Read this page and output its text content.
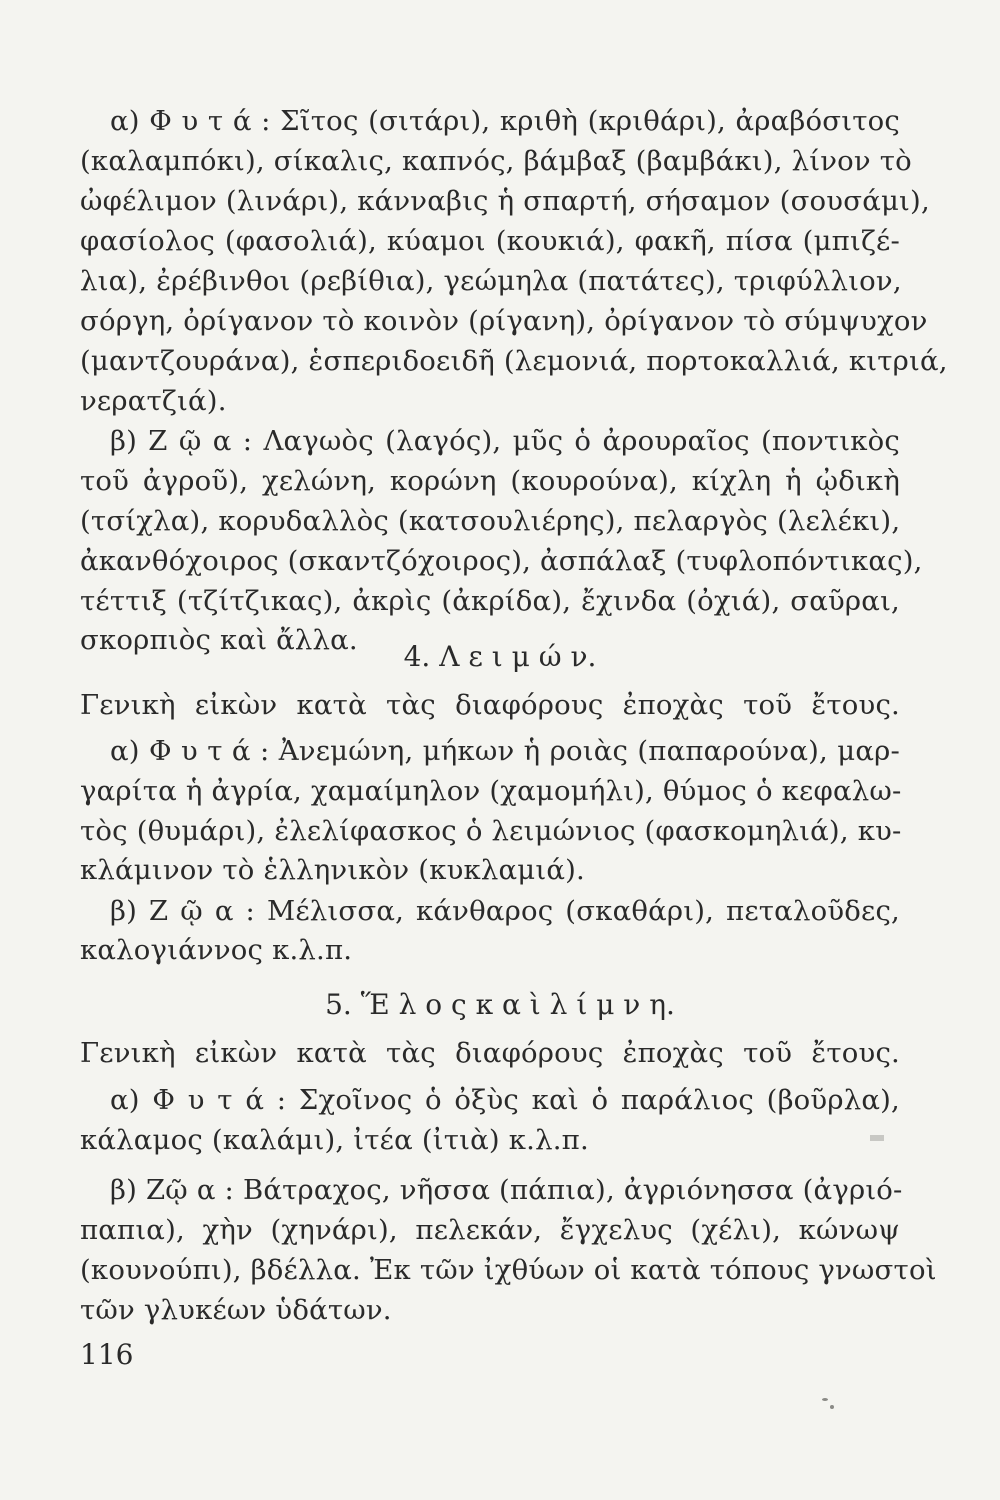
α) Φ υ τ ά : Σῖτος (σιτάρι), κριθὴ (κριθάρι), ἀραβόσιτος
(καλαμπόκι), σίκαλις, καπνός, βάμβαξ (βαμβάκι), λίνον τὸ
ὠφέλιμον (λινάρι), κάνναβις ἡ σπαρτή, σήσαμον (σουσάμι),
φασίολος (φασολιά), κύαμοι (κουκιά), φακῆ, πίσα (μπιζέ-
λια), ἐρέβινθοι (ρεβίθια), γεώμηλα (πατάτες), τριφύλλιον,
σόργη, ὀρίγανον τὸ κοινὸν (ρίγανη), ὀρίγανον τὸ σύμψυχον
(μαντζουράνα), ἑσπεριδοειδῆ (λεμονιά, πορτοκαλλιά, κιτριά,
νερατζιά).
β) Ζ ῷ α : Λαγωὸς (λαγός), μῦς ὁ ἀρουραῖος (ποντικὸς
τοῦ ἀγροῦ), χελώνη, κορώνη (κουρούνα), κίχλη ἡ ᾠδικὴ
(τσίχλα), κορυδαλλὸς (κατσουλιέρης), πελαργὸς (λελέκι),
ἀκανθόχοιρος (σκαντζόχοιρος), ἀσπάλαξ (τυφλοπόντικας),
τέττιξ (τζίτζικας), ἀκρὶς (ἀκρίδα), ἔχινδα (ὀχιά), σαῦραι,
σκορπιὸς καὶ ἄλλα.	4. Λ ε ι μ ώ ν.
Γενικὴ εἰκὼν κατὰ τὰς διαφόρους ἐποχὰς τοῦ ἔτους.
α) Φ υ τ ά : Ἀνεμώνη, μήκων ἡ ροιὰς (παπαρούνα), μαρ-
γαρίτα ἡ ἀγρία, χαμαίμηλον (χαμομήλι), θύμος ὁ κεφαλω-
τὸς (θυμάρι), ἐλελίφασκος ὁ λειμώνιος (φασκομηλιά), κυ-
κλάμινον τὸ ἑλληνικὸν (κυκλαμιά).
β) Ζ ῷ α : Μέλισσα, κάνθαρος (σκαθάρι), πεταλοῦδες,
καλογιάννος κ.λ.π.
5. Ἕ λ ο ς κ α ὶ λ ί μ ν η.
Γενικὴ εἰκὼν κατὰ τὰς διαφόρους ἐποχὰς τοῦ ἔτους.
α) Φ υ τ ά : Σχοῖνος ὁ ὀξὺς καὶ ὁ παράλιος (βοῦρλα),
κάλαμος (καλάμι), ἰτέα (ἰτιὰ) κ.λ.π.
β) Ζῷ α : Βάτραχος, νῆσσα (πάπια), ἀγριόνησσα (ἀγριό-
παπια), χὴν (χηνάρι), πελεκάν, ἔγχελυς (χέλι), κώνωψ
(κουνούπι), βδέλλα. Ἐκ τῶν ἰχθύων οἱ κατὰ τόπους γνωστοὶ
τῶν γλυκέων ὑδάτων.
116
